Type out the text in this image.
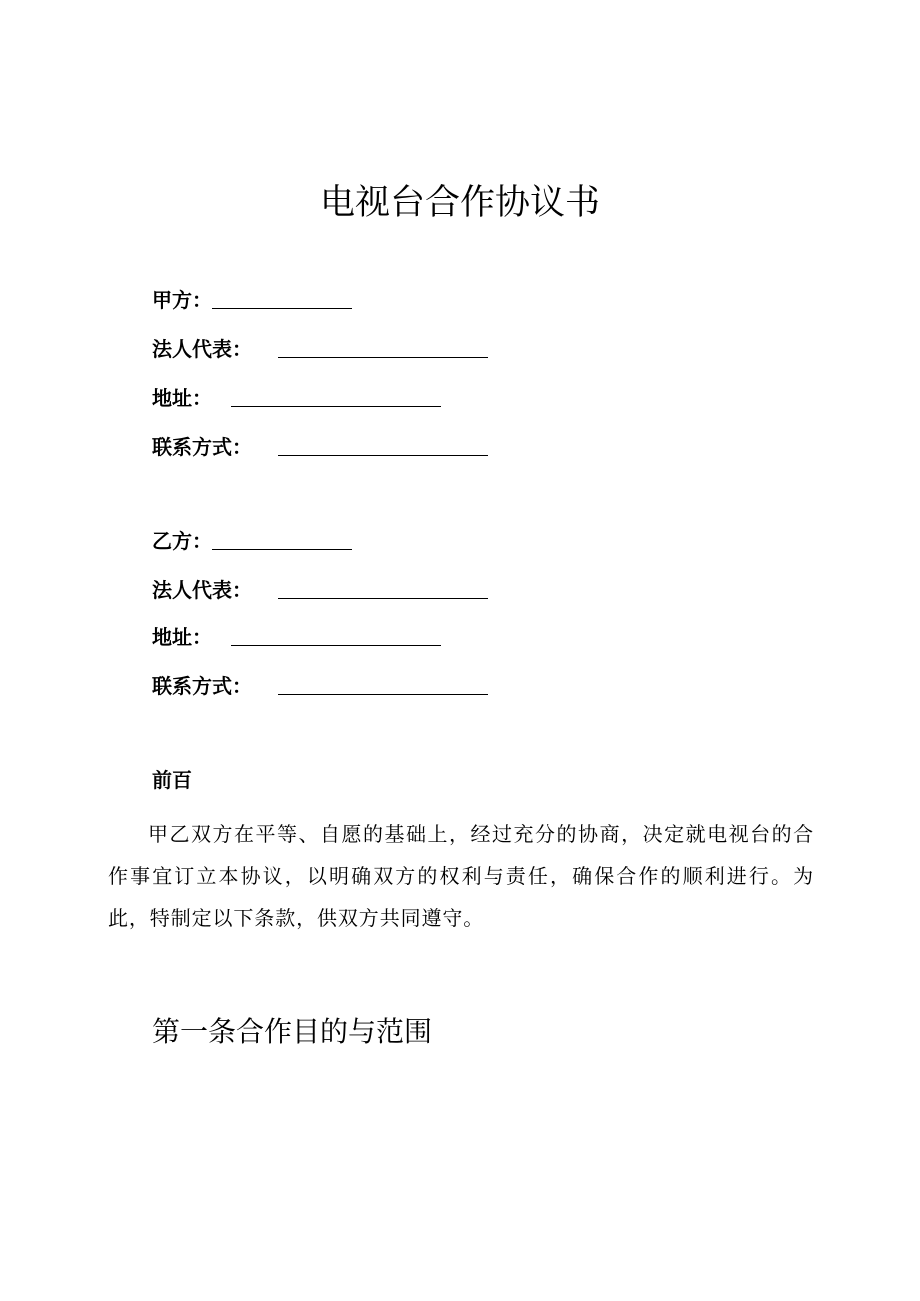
电视台合作协议书
甲方：
法人代表：
地址：
联系方式：
乙方：
法人代表：
地址：
联系方式：
前百

甲乙双方在平等、自愿的基础上，经过充分的协商，决定就电视台的合作事宜订立本协议，以明确双方的权利与责任，确保合作的顺利进行。为此，特制定以下条款，供双方共同遵守。

第一条合作目的与范围
